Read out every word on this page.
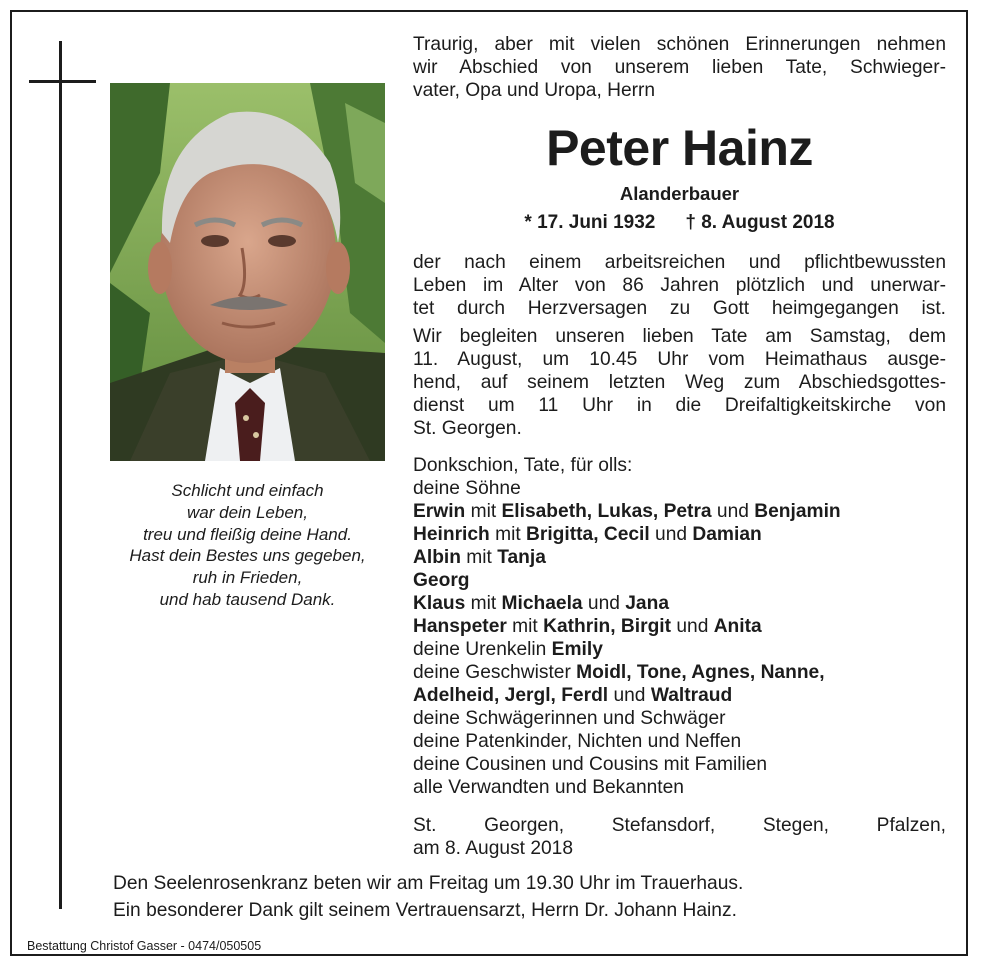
Schlicht und einfach
war dein Leben,
treu und fleißig deine Hand.
Hast dein Bestes uns gegeben,
ruh in Frieden,
und hab tausend Dank.
Traurig, aber mit vielen schönen Erinnerungen nehmen
wir Abschied von unserem lieben Tate, Schwieger-
vater, Opa und Uropa, Herrn
Peter Hainz
Alanderbauer
* 17. Juni 1932 † 8. August 2018
der nach einem arbeitsreichen und pflichtbewussten
Leben im Alter von 86 Jahren plötzlich und unerwar-
tet durch Herzversagen zu Gott heimgegangen ist.
Wir begleiten unseren lieben Tate am Samstag, dem
11. August, um 10.45 Uhr vom Heimathaus ausge-
hend, auf seinem letzten Weg zum Abschiedsgottes-
dienst um 11 Uhr in die Dreifaltigkeitskirche von
St. Georgen.
Donkschion, Tate, für olls:
deine Söhne
Erwin mit Elisabeth, Lukas, Petra und Benjamin
Heinrich mit Brigitta, Cecil und Damian
Albin mit Tanja
Georg
Klaus mit Michaela und Jana
Hanspeter mit Kathrin, Birgit und Anita
deine Urenkelin Emily
deine Geschwister Moidl, Tone, Agnes, Nanne,
Adelheid, Jergl, Ferdl und Waltraud
deine Schwägerinnen und Schwäger
deine Patenkinder, Nichten und Neffen
deine Cousinen und Cousins mit Familien
alle Verwandten und Bekannten
St. Georgen, Stefansdorf, Stegen, Pfalzen,
am 8. August 2018
Den Seelenrosenkranz beten wir am Freitag um 19.30 Uhr im Trauerhaus.
Ein besonderer Dank gilt seinem Vertrauensarzt, Herrn Dr. Johann Hainz.
Bestattung Christof Gasser - 0474/050505
